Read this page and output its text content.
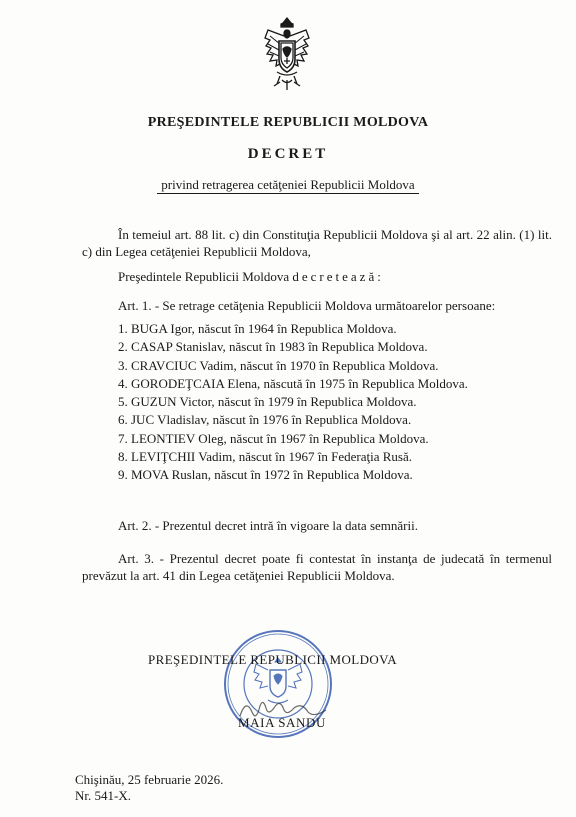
PREŞEDINTELE REPUBLICII MOLDOVA
DECRET
privind retragerea cetăţeniei Republicii Moldova
În temeiul art. 88 lit. c) din Constituţia Republicii Moldova şi al art. 22 alin. (1) lit. c) din Legea cetăţeniei Republicii Moldova,
Preşedintele Republicii Moldova decretează:
Art. 1. - Se retrage cetăţenia Republicii Moldova următoarelor persoane:
1. BUGA Igor, născut în 1964 în Republica Moldova.
2. CASAP Stanislav, născut în 1983 în Republica Moldova.
3. CRAVCIUC Vadim, născut în 1970 în Republica Moldova.
4. GORODEŢCAIA Elena, născută în 1975 în Republica Moldova.
5. GUZUN Victor, născut în 1979 în Republica Moldova.
6. JUC Vladislav, născut în 1976 în Republica Moldova.
7. LEONTIEV Oleg, născut în 1967 în Republica Moldova.
8. LEVIŢCHII Vadim, născut în 1967 în Federaţia Rusă.
9. MOVA Ruslan, născut în 1972 în Republica Moldova.
Art. 2. - Prezentul decret intră în vigoare la data semnării.
Art. 3. - Prezentul decret poate fi contestat în instanţa de judecată în termenul prevăzut la art. 41 din Legea cetăţeniei Republicii Moldova.
PREŞEDINTELE REPUBLICII MOLDOVA
MAIA SANDU
Chişinău, 25 februarie 2026.
Nr. 541-X.
